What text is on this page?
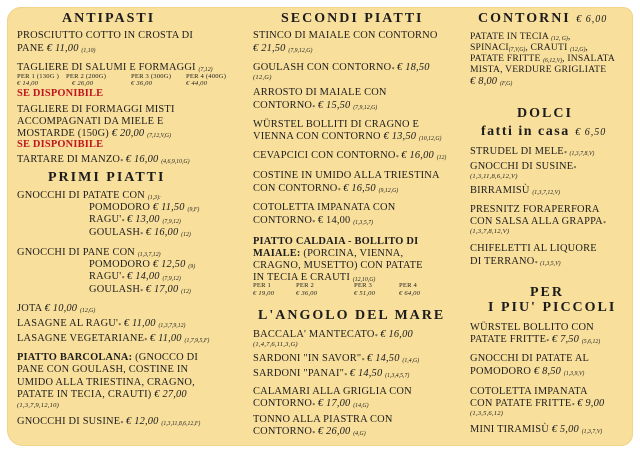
ANTIPASTI
PROSCIUTTO COTTO IN CROSTA DI
PANE € 11,00 (1,10)
TAGLIERE DI SALUMI E FORMAGGI (7,12)
PER 1 (130G ) PER 2 (200G)	PER 3 (300G) PER 4 (400G)
€ 14,00	€ 26,00	€ 36,00	€ 44,00
SE DISPONIBILE
TAGLIERE DI FORMAGGI MISTI
ACCOMPAGNATI DA MIELE E
MOSTARDE (150G) € 20,00 (7,12,V,G)
SE DISPONIBILE
TARTARE DI MANZO* € 16,00 (4,6,9,10,G)
PRIMI PIATTI
GNOCCHI DI PATATE CON (1,3):
POMODORO € 11,50 (9,F)
RAGU'* € 13,00 (7,9,12)
GOULASH* € 16,00 (12)
GNOCCHI DI PANE CON (1,3,7,12)
POMODORO € 12,50 (9)
RAGU'* € 14,00 (7,9,12)
GOULASH* € 17,00 (12)
JOTA € 10,00 (12,G)
LASAGNE AL RAGU'* € 11,00 (1,3,7,9,12)
LASAGNE VEGETARIANE* € 11,00 (1,7,9,5,F)
PIATTO BARCOLANA: (GNOCCO DI
PANE CON GOULASH, COSTINE IN
UMIDO ALLA TRIESTINA, CRAGNO,
PATATE IN TECIA, CRAUTI) € 27,00
(1,3,7,9,12,10)
GNOCCHI DI SUSINE* € 12,00 (1,3,11,8,6,12,F)
SECONDI PIATTI
STINCO DI MAIALE CON CONTORNO
€ 21,50 (7,9,12,G)
GOULASH CON CONTORNO* € 18,50
(12,G)
ARROSTO DI MAIALE CON
CONTORNO* € 15,50 (7,9,12,G)
WÜRSTEL BOLLITI DI CRAGNO E
VIENNA CON CONTORNO € 13,50 (10,12,G)
CEVAPCICI CON CONTORNO* € 16,00 (12)
COSTINE IN UMIDO ALLA TRIESTINA
CON CONTORNO* € 16,50 (9,12,G)
COTOLETTA IMPANATA CON
CONTORNO* € 14,00 (1,3,5,7)
PIATTO CALDAIA - BOLLITO DI
MAIALE: (PORCINA, VIENNA,
CRAGNO, MUSETTO) CON PATATE
IN TECIA E CRAUTI (12,10,G)
PER 1	PER 2	PER 3	PER 4
€ 19,00	€ 36,00	€ 51,00	€ 64,00
L'ANGOLO DEL MARE
BACCALA' MANTECATO* € 16,00
(1,4,7,6,11,3,G)
SARDONI "IN SAVOR"* € 14,50 (1,4,G)
SARDONI "PANAI"* € 14,50 (1,3,4,5,7)
CALAMARI ALLA GRIGLIA CON
CONTORNO* € 17,00 (14,G)
TONNO ALLA PIASTRA CON
CONTORNO* € 26,00 (4,G)
CONTORNI € 6,00
PATATE IN TECIA (12, G),
SPINACI(7,V,G), CRAUTI (12,G),
PATATE FRITTE (6,12,V), INSALATA
MISTA, VERDURE GRIGLIATE
€ 8,00 (F,G)
DOLCI
fatti in casa € 6,50
STRUDEL DI MELE* (1,3,7,8,V)
GNOCCHI DI SUSINE*
(1,3,11,8,6,12,V)
BIRRAMISÙ (1,3,7,12,V)
PRESNITZ FORAPERFORA
CON SALSA ALLA GRAPPA*
(1,3,7,8,12,V)
CHIFELETTI AL LIQUORE
DI TERRANO* (1,3,5,V)
PER
I PIU' PICCOLI
WÜRSTEL BOLLITO CON
PATATE FRITTE* € 7,50 (5,6,12)
GNOCCHI DI PATATE AL
POMODORO € 8,50 (1,3,9,V)
COTOLETTA IMPANATA
CON PATATE FRITTE* € 9,00
(1,3,5,6,12)
MINI TIRAMISÙ € 5,00 (1,3,7,V)
